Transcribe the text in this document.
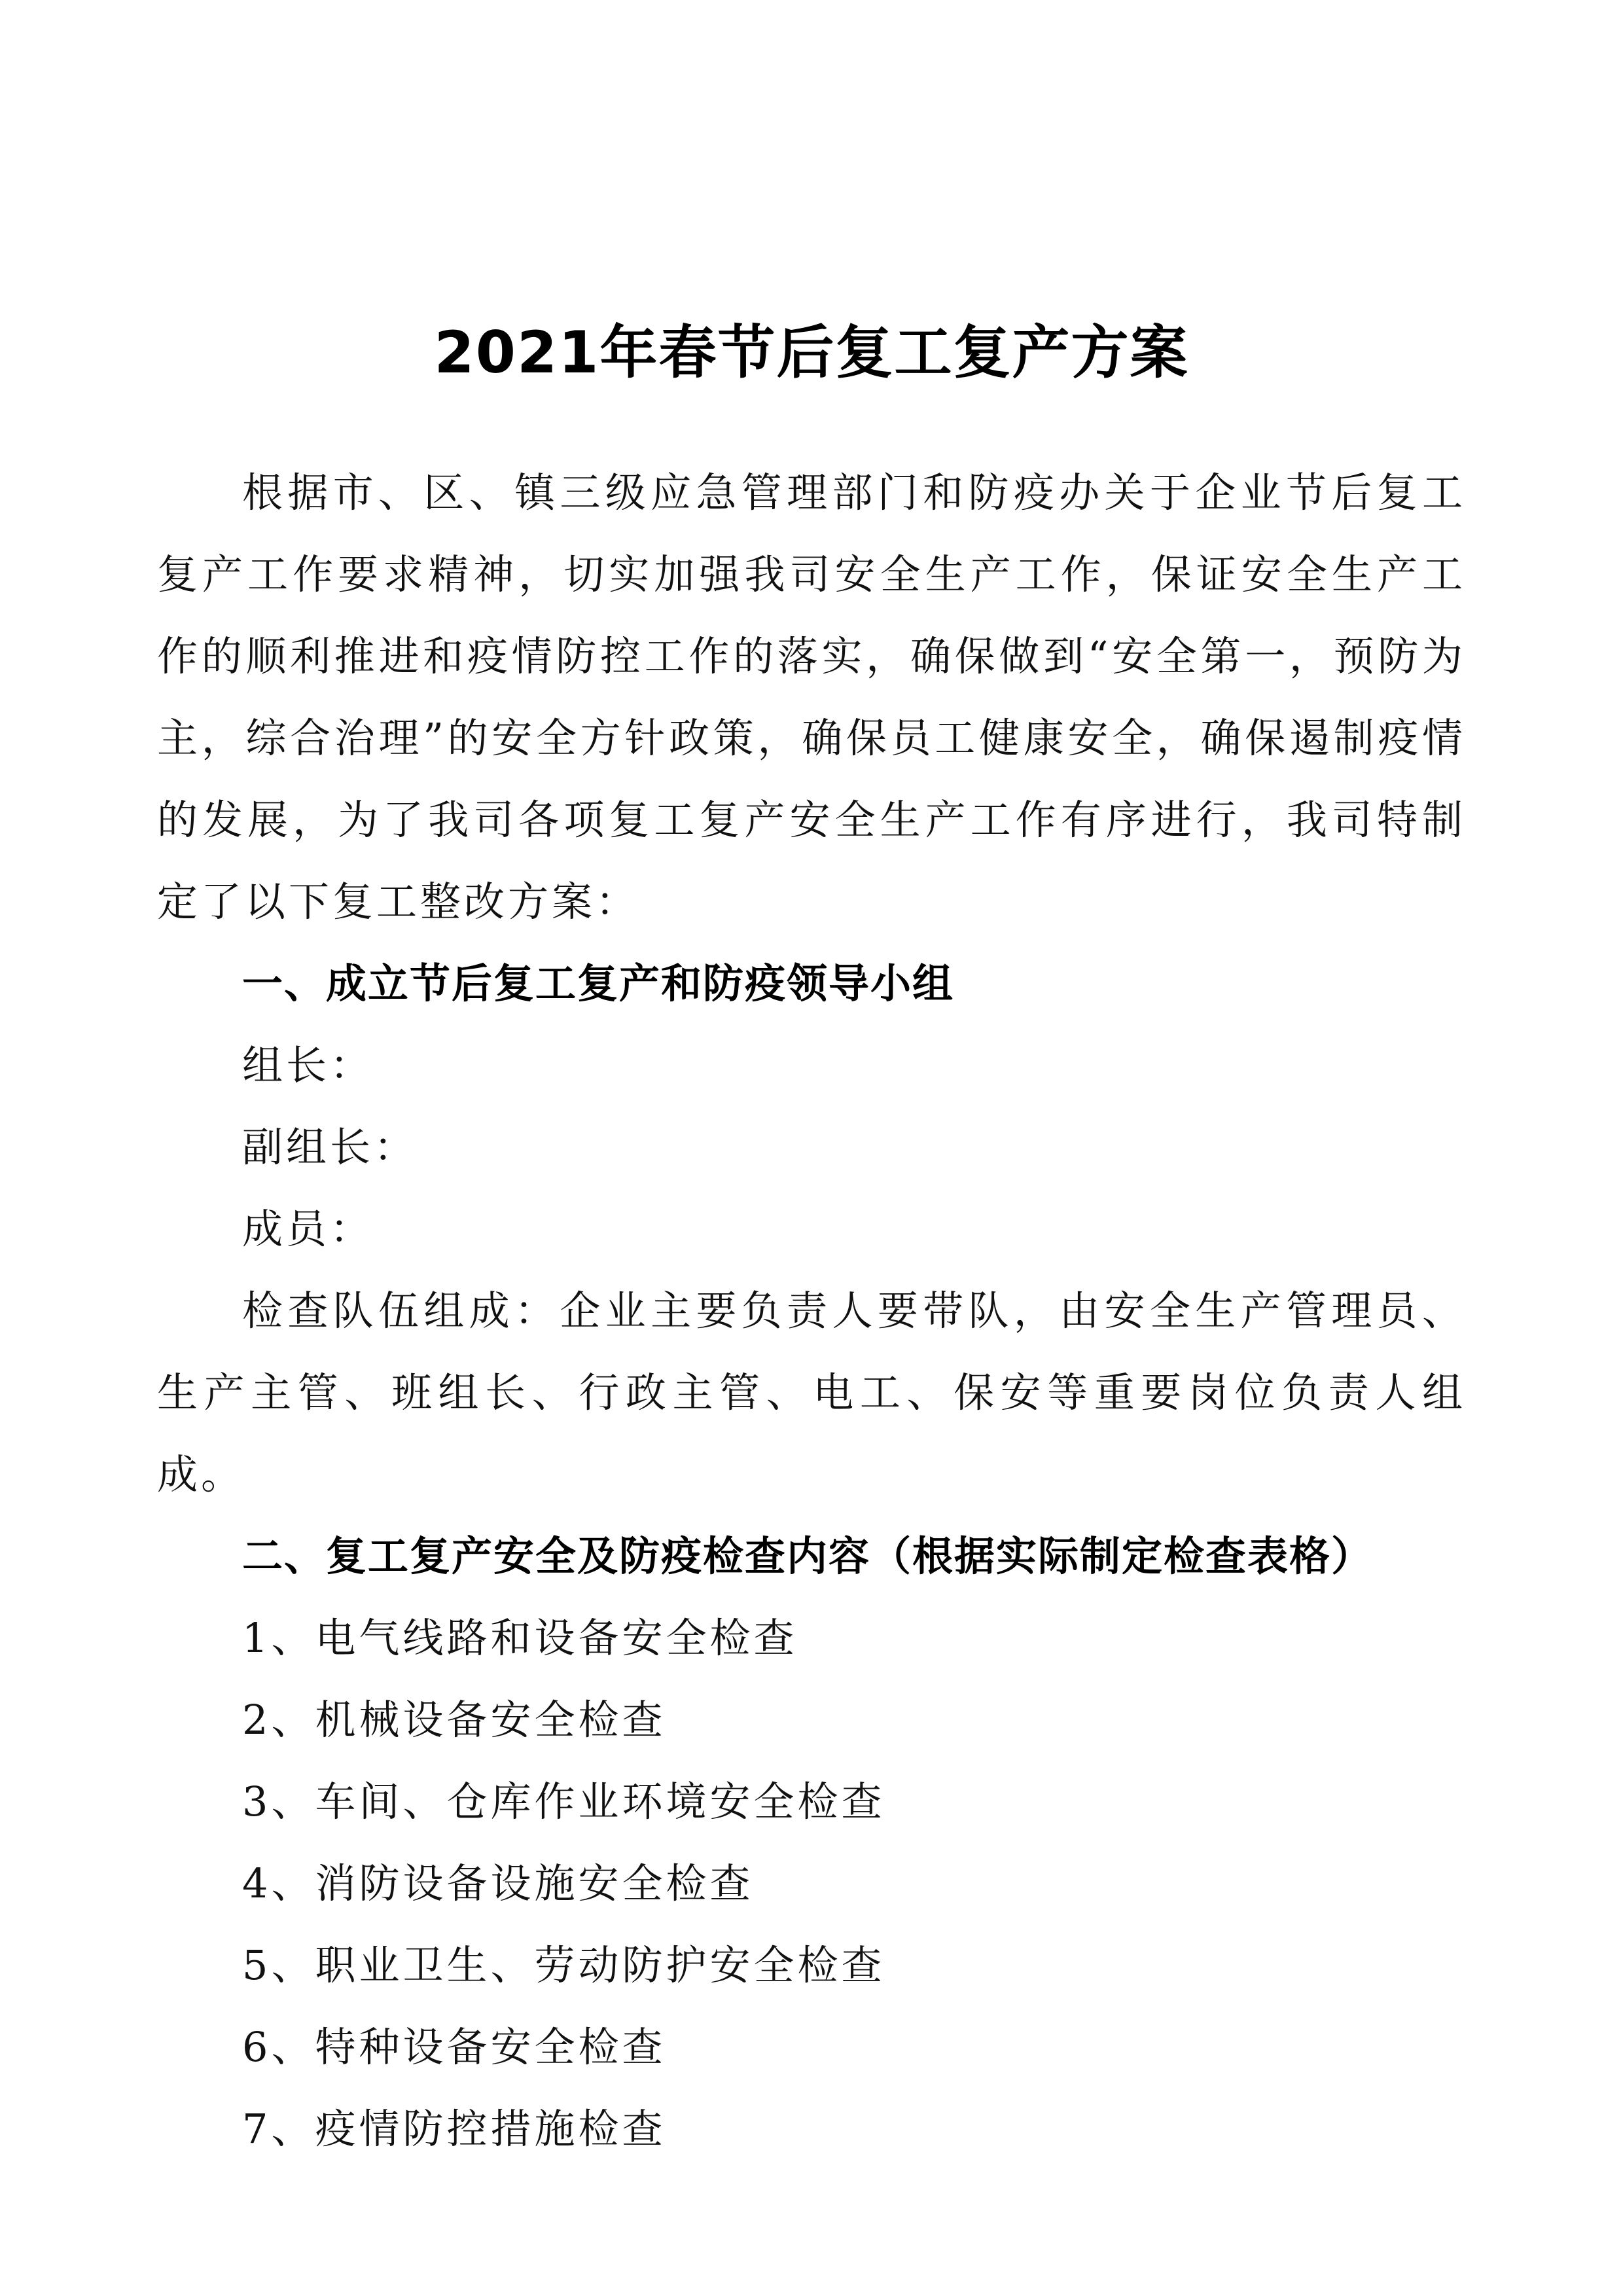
2021年春节后复工复产方案

根据市、区、镇三级应急管理部门和防疫办关于企业节后复工复产工作要求精神，切实加强我司安全生产工作，保证安全生产工作的顺利推进和疫情防控工作的落实，确保做到“安全第一，预防为主，综合治理”的安全方针政策，确保员工健康安全，确保遏制疫情的发展，为了我司各项复工复产安全生产工作有序进行，我司特制定了以下复工整改方案：

一、成立节后复工复产和防疫领导小组

组长：

副组长：

成员：

检查队伍组成：企业主要负责人要带队，由安全生产管理员、生产主管、班组长、行政主管、电工、保安等重要岗位负责人组成。

二、复工复产安全及防疫检查内容（根据实际制定检查表格）

1、电气线路和设备安全检查

2、机械设备安全检查

3、车间、仓库作业环境安全检查

4、消防设备设施安全检查

5、职业卫生、劳动防护安全检查

6、特种设备安全检查

7、疫情防控措施检查
